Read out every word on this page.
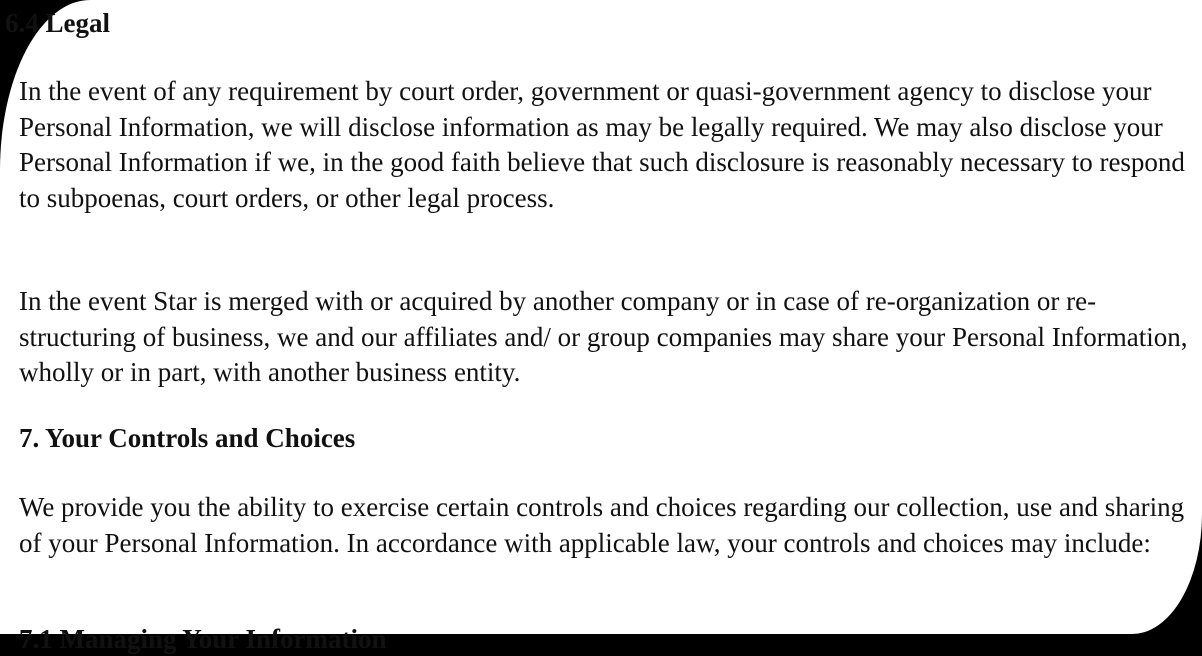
6.4 Legal

In the event of any requirement by court order, government or quasi-government agency to disclose your Personal Information, we will disclose information as may be legally required. We may also disclose your Personal Information if we, in the good faith believe that such disclosure is reasonably necessary to respond to subpoenas, court orders, or other legal process.

In the event Star is merged with or acquired by another company or in case of re-organization or re-structuring of business, we and our affiliates and/ or group companies may share your Personal Information, wholly or in part, with another business entity.

7. Your Controls and Choices

We provide you the ability to exercise certain controls and choices regarding our collection, use and sharing of your Personal Information. In accordance with applicable law, your controls and choices may include:

7.1 Managing Your Information
